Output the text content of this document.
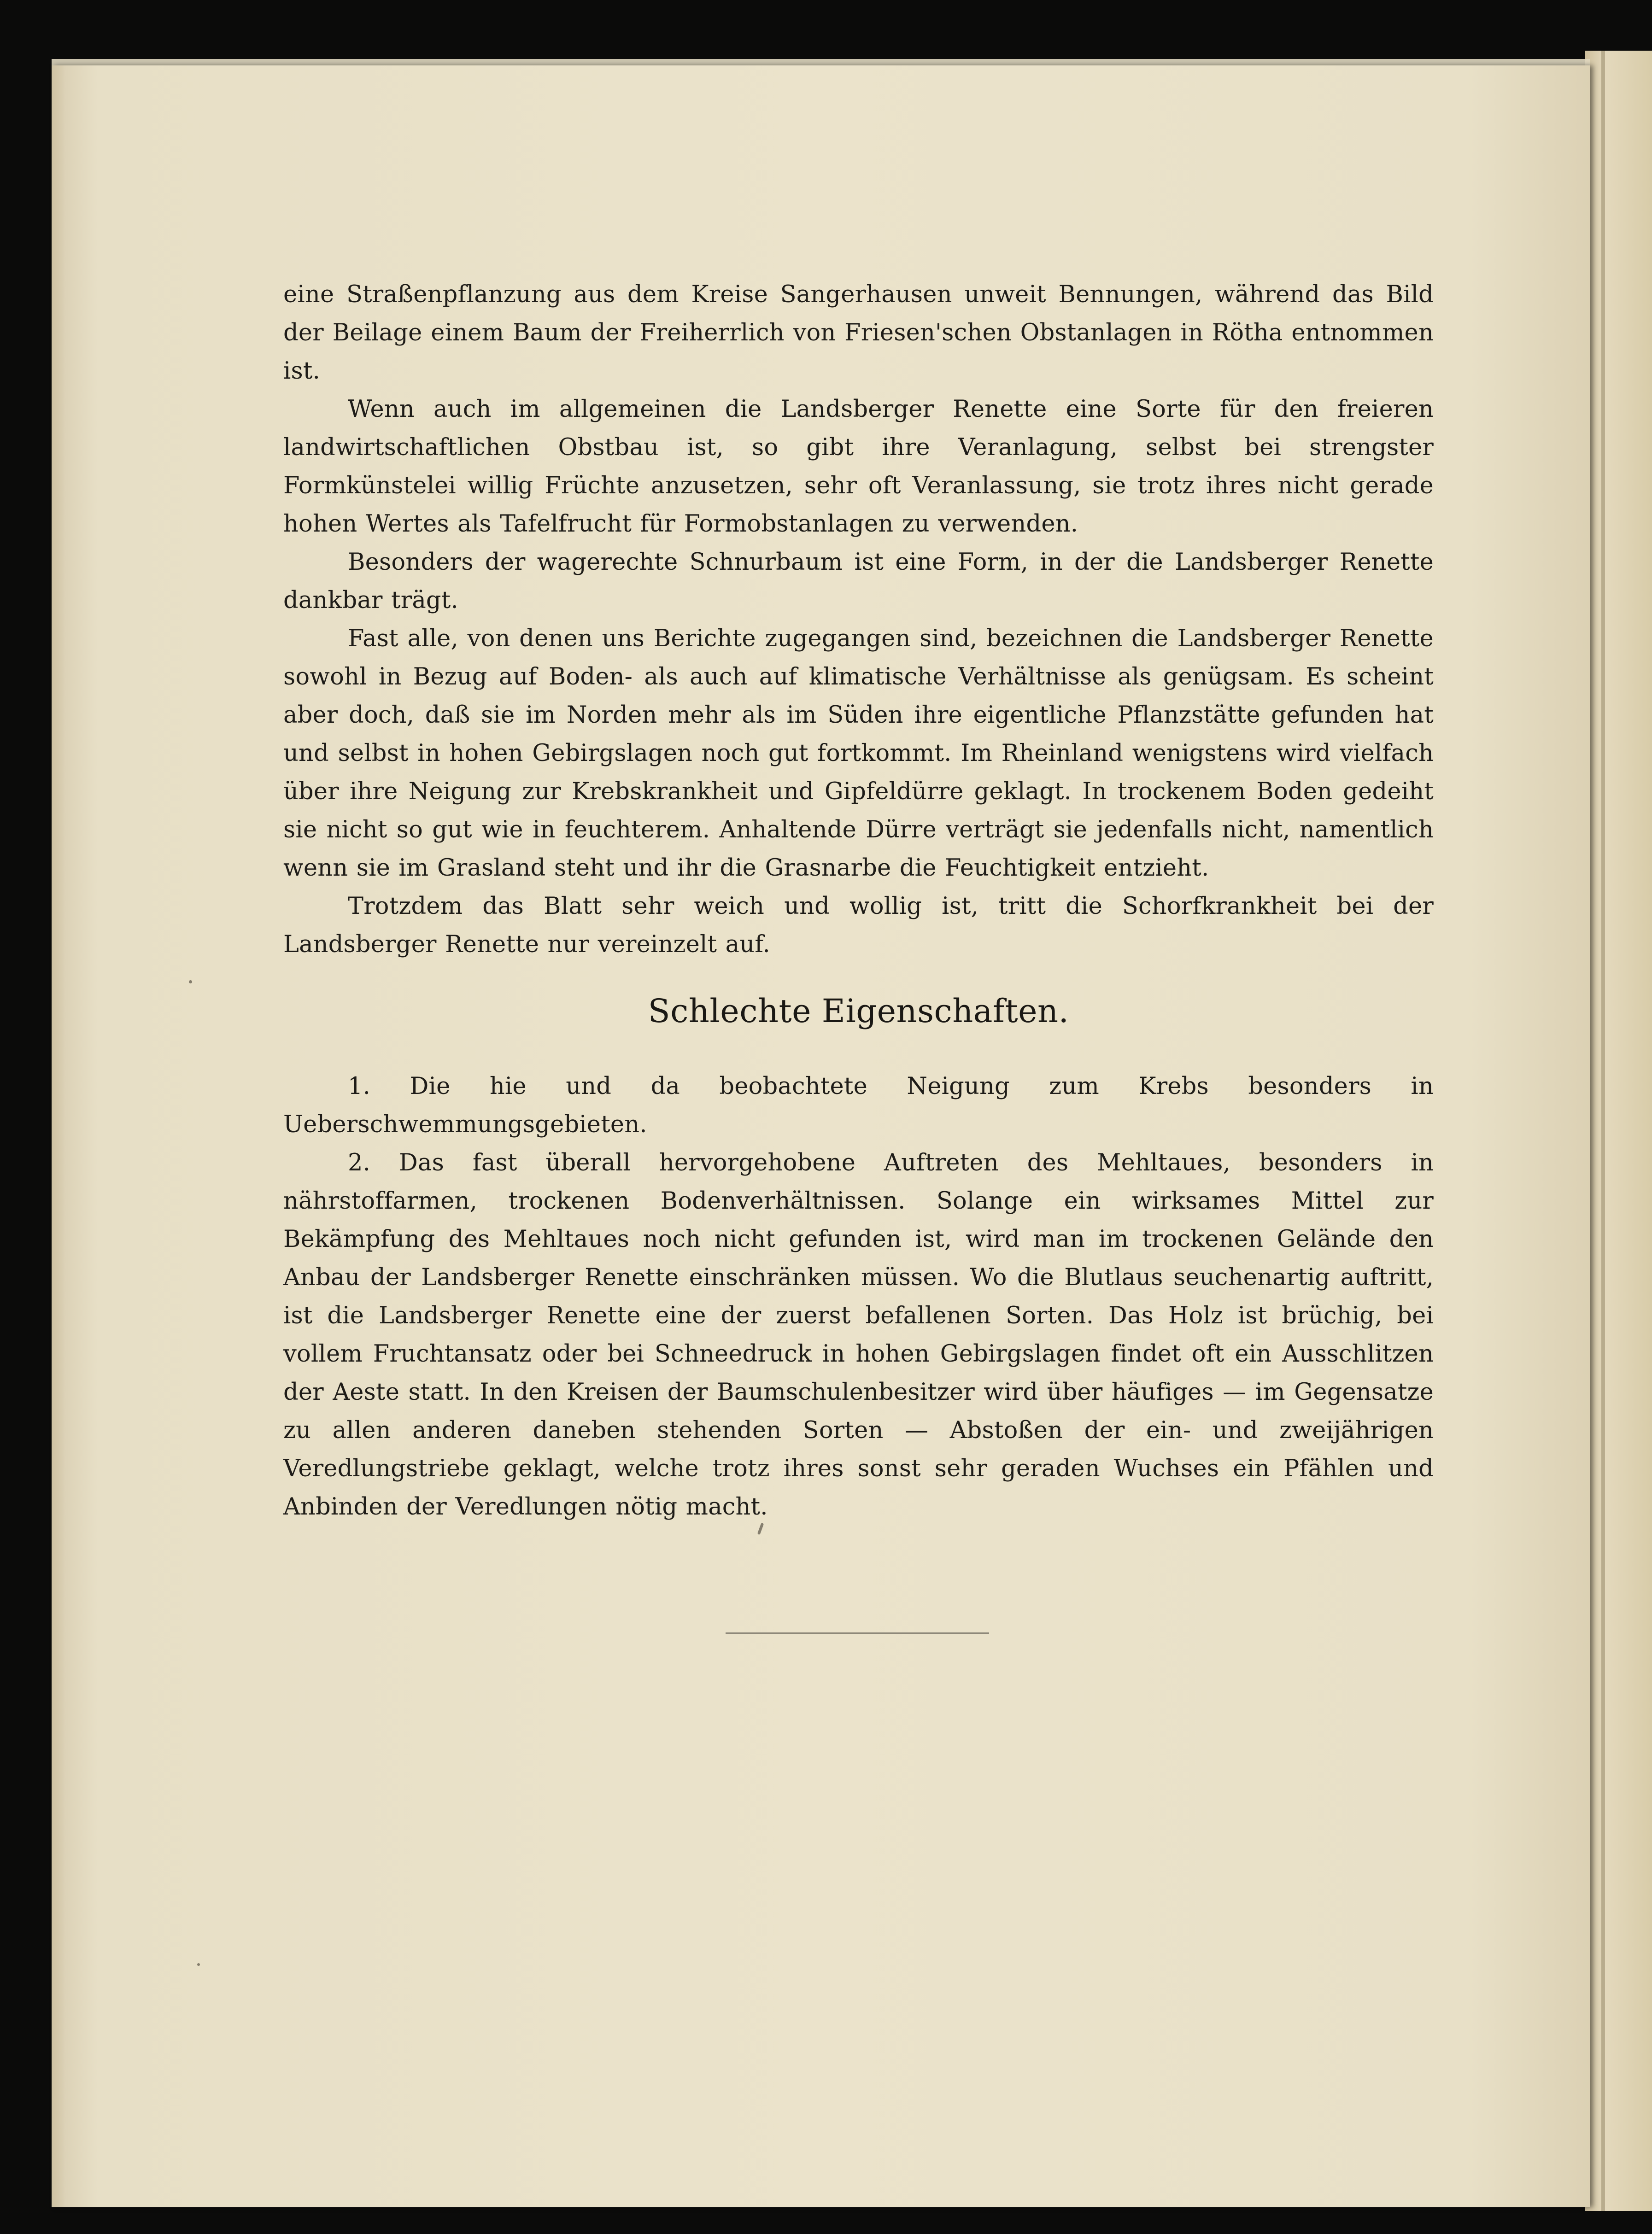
eine Straßenpflanzung aus dem Kreise Sangerhausen unweit Bennungen, während das Bild der Beilage einem Baum der Freiherrlich von Friesen'schen Obstanlagen in Rötha entnommen ist.

Wenn auch im allgemeinen die Landsberger Renette eine Sorte für den freieren landwirtschaftlichen Obstbau ist, so gibt ihre Veranlagung, selbst bei strengster Formkünstelei willig Früchte anzusetzen, sehr oft Veranlassung, sie trotz ihres nicht gerade hohen Wertes als Tafelfrucht für Formobstanlagen zu verwenden.

Besonders der wagerechte Schnurbaum ist eine Form, in der die Landsberger Renette dankbar trägt.

Fast alle, von denen uns Berichte zugegangen sind, bezeichnen die Landsberger Renette sowohl in Bezug auf Boden- als auch auf klimatische Verhältnisse als genügsam. Es scheint aber doch, daß sie im Norden mehr als im Süden ihre eigentliche Pflanzstätte gefunden hat und selbst in hohen Gebirgslagen noch gut fortkommt. Im Rheinland wenigstens wird vielfach über ihre Neigung zur Krebskrankheit und Gipfeldürre geklagt. In trockenem Boden gedeiht sie nicht so gut wie in feuchterem. Anhaltende Dürre verträgt sie jedenfalls nicht, namentlich wenn sie im Grasland steht und ihr die Grasnarbe die Feuchtigkeit entzieht.

Trotzdem das Blatt sehr weich und wollig ist, tritt die Schorfkrankheit bei der Landsberger Renette nur vereinzelt auf.

Schlechte Eigenschaften.

1. Die hie und da beobachtete Neigung zum Krebs besonders in Ueberschwemmungsgebieten.

2. Das fast überall hervorgehobene Auftreten des Mehltaues, besonders in nährstoffarmen, trockenen Bodenverhältnissen. Solange ein wirksames Mittel zur Bekämpfung des Mehltaues noch nicht gefunden ist, wird man im trockenen Gelände den Anbau der Landsberger Renette einschränken müssen. Wo die Blutlaus seuchenartig auftritt, ist die Landsberger Renette eine der zuerst befallenen Sorten. Das Holz ist brüchig, bei vollem Fruchtansatz oder bei Schneedruck in hohen Gebirgslagen findet oft ein Ausschlitzen der Aeste statt. In den Kreisen der Baumschulenbesitzer wird über häufiges — im Gegensatze zu allen anderen daneben stehenden Sorten — Abstoßen der ein- und zweijährigen Veredlungstriebe geklagt, welche trotz ihres sonst sehr geraden Wuchses ein Pfählen und Anbinden der Veredlungen nötig macht.
